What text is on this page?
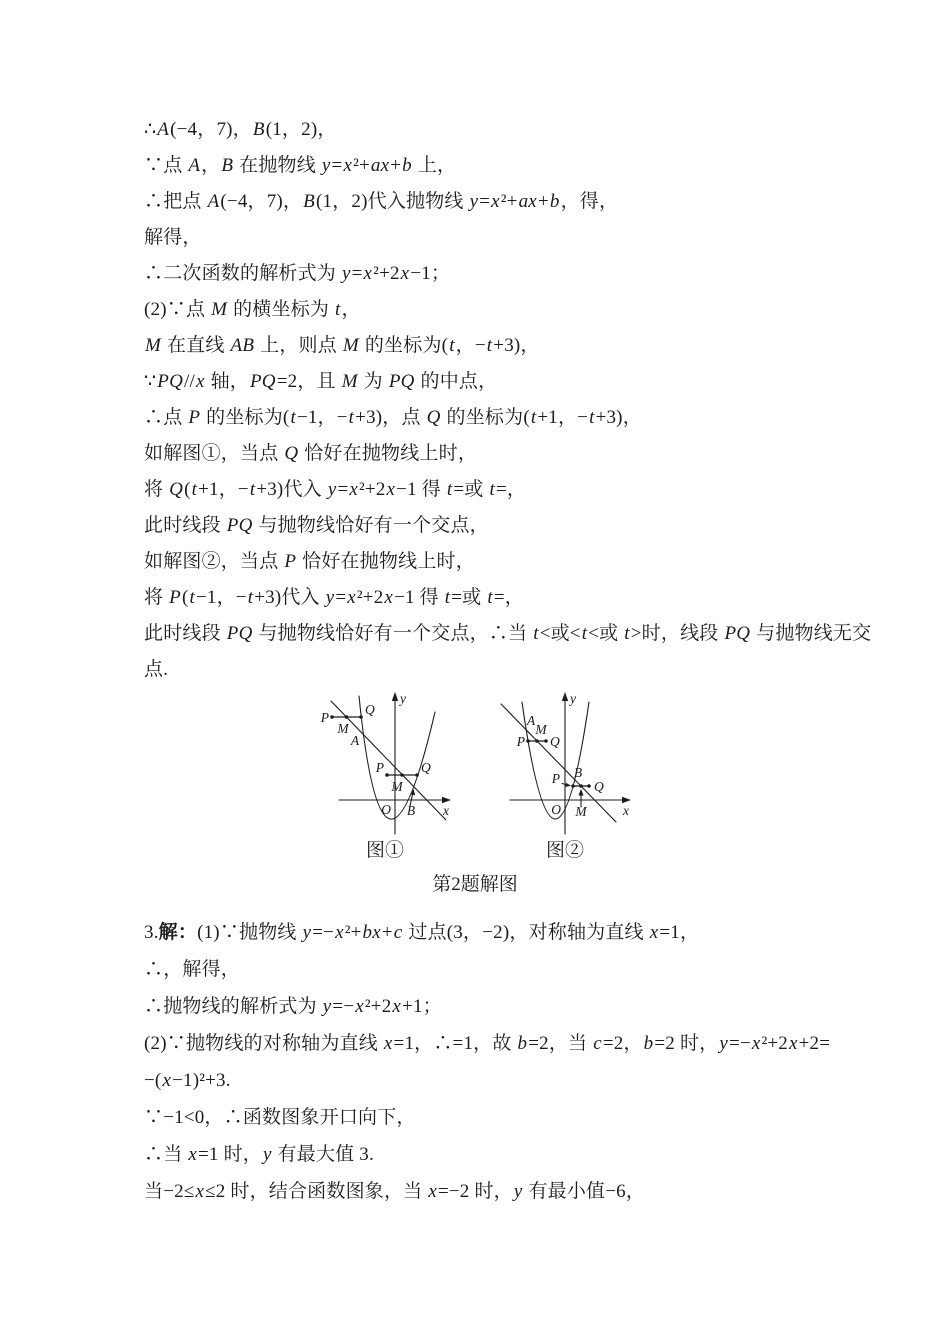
∴A(−4，7)，B(1，2)，
∵点 A，B 在抛物线 y=x²+ax+b 上，
∴把点 A(−4，7)，B(1，2)代入抛物线 y=x²+ax+b，得，
解得，
∴二次函数的解析式为 y=x²+2x−1；
(2)∵点 M 的横坐标为 t，
M 在直线 AB 上，则点 M 的坐标为(t，−t+3)，
∵PQ//x 轴，PQ=2，且 M 为 PQ 的中点，
∴点 P 的坐标为(t−1，−t+3)，点 Q 的坐标为(t+1，−t+3)，
如解图①，当点 Q 恰好在抛物线上时，
将 Q(t+1，−t+3)代入 y=x²+2x−1 得 t=或 t=，
此时线段 PQ 与抛物线恰好有一个交点，
如解图②，当点 P 恰好在抛物线上时，
将 P(t−1，−t+3)代入 y=x²+2x−1 得 t=或 t=，
此时线段 PQ 与抛物线恰好有一个交点，∴当 t<或<t<或 t>时，线段 PQ 与抛物线无交
点.
x
y
O
P
M
Q
A
P
M
Q
B
图①
x
y
O
A
M
P Q
P B
Q
M
图②
第2题解图
3.解：(1)∵抛物线 y=−x²+bx+c 过点(3，−2)，对称轴为直线 x=1，
∴，解得，
∴抛物线的解析式为 y=−x²+2x+1；
(2)∵抛物线的对称轴为直线 x=1，∴=1，故 b=2，当 c=2，b=2 时，y=−x²+2x+2=
−(x−1)²+3.
∵−1<0，∴函数图象开口向下，
∴当 x=1 时，y 有最大值 3.
当−2≤x≤2 时，结合函数图象，当 x=−2 时，y 有最小值−6，
